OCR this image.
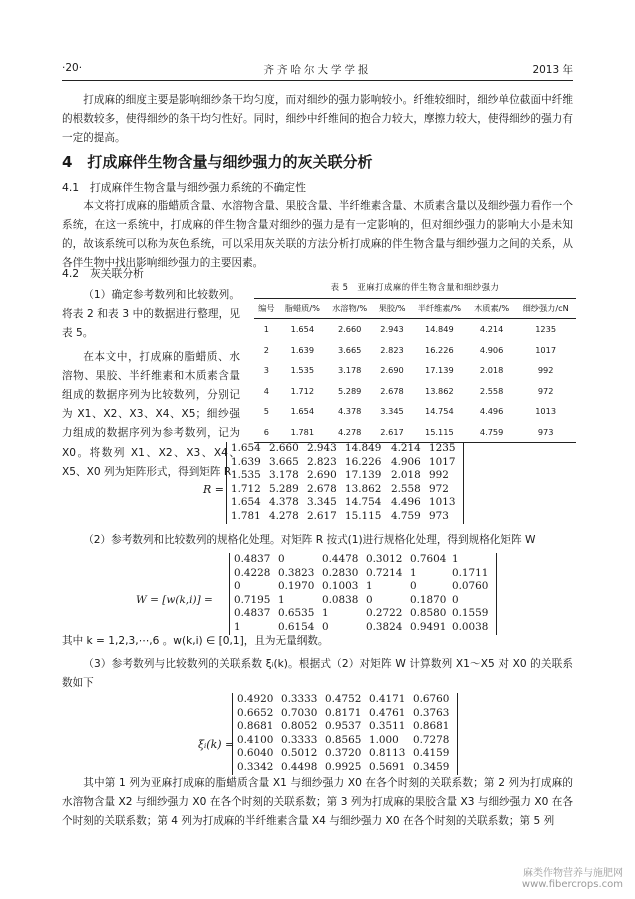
·20·	齐齐哈尔大学学报	2013 年

打成麻的细度主要是影响细纱条干均匀度，而对细纱的强力影响较小。纤维较细时，细纱单位截面中纤维的根数较多，使得细纱的条干均匀性好。同时，细纱中纤维间的抱合力较大，摩擦力较大，使得细纱的强力有一定的提高。

4　打成麻伴生物含量与细纱强力的灰关联分析
4.1　打成麻伴生物含量与细纱强力系统的不确定性

本文将打成麻的脂蜡质含量、水溶物含量、果胶含量、半纤维素含量、木质素含量以及细纱强力看作一个系统，在这一系统中，打成麻的伴生物含量对细纱的强力是有一定影响的，但对细纱强力的影响大小是未知的，故该系统可以称为灰色系统，可以采用灰关联的方法分析打成麻的伴生物含量与细纱强力之间的关系，从各伴生物中找出影响细纱强力的主要因素。

4.2　灰关联分析

（1）确定参考数列和比较数列。将表 2 和表 3 中的数据进行整理，见表 5。

在本文中，打成麻的脂蜡质、水溶物、果胶、半纤维素和木质素含量组成的数据序列为比较数列，分别记为 X1、X2、X3、X4、X5；细纱强力组成的数据序列为参考数列，记为 X0。将数列 X1、X2、X3、X4、X5、X0 列为矩阵形式，得到矩阵 R

表 5　亚麻打成麻的伴生物含量和细纱强力
编号	脂蜡质/%	水溶物/%	果胶/%	半纤维素/%	木质素/%	细纱强力/cN
1	1.654	2.660	2.943	14.849	4.214	1235
2	1.639	3.665	2.823	16.226	4.906	1017
3	1.535	3.178	2.690	17.139	2.018	992
4	1.712	5.289	2.678	13.862	2.558	972
5	1.654	4.378	3.345	14.754	4.496	1013
6	1.781	4.278	2.617	15.115	4.759	973
R =
1.654 2.660 2.943 14.849 4.214 1235
1.639 3.665 2.823 16.226 4.906 1017
1.535 3.178 2.690 17.139 2.018 992
1.712 5.289 2.678 13.862 2.558 972
1.654 4.378 3.345 14.754 4.496 1013
1.781 4.278 2.617 15.115 4.759 973

（2）参考数列和比较数列的规格化处理。对矩阵 R 按式(1)进行规格化处理，得到规格化矩阵 W

W = [w(k,i)] =
0.4837 0	0.4478 0.3012 0.7604 1
0.4228 0.3823 0.2830 0.7214 1	0.1711
0	0.1970 0.1003 1	0	0.0760
0.7195 1	0.0838 0	0.1870 0
0.4837 0.6535 1	0.2722 0.8580 0.1559
1	0.6154 0	0.3824 0.9491 0.0038

其中 k = 1,2,3,⋯,6 。w(k,i) ∈ [0,1]，且为无量纲数。

（3）参考数列与比较数列的关联系数 ξᵢ(k)。根据式（2）对矩阵 W 计算数列 X1～X5 对 X0 的关联系数如下

ξᵢ(k) =
0.4920 0.3333 0.4752 0.4171 0.6760
0.6652 0.7030 0.8171 0.4761 0.3763
0.8681 0.8052 0.9537 0.3511 0.8681
0.4100 0.3333 0.8565 1.000	0.7278
0.6040 0.5012 0.3720 0.8113 0.4159
0.3342 0.4498 0.9925 0.5691 0.3459

其中第 1 列为亚麻打成麻的脂蜡质含量 X1 与细纱强力 X0 在各个时刻的关联系数；第 2 列为打成麻的水溶物含量 X2 与细纱强力 X0 在各个时刻的关联系数；第 3 列为打成麻的果胶含量 X3 与细纱强力 X0 在各个时刻的关联系数；第 4 列为打成麻的半纤维素含量 X4 与细纱强力 X0 在各个时刻的关联系数；第 5 列

麻类作物营养与施肥网
www.fibercrops.com
